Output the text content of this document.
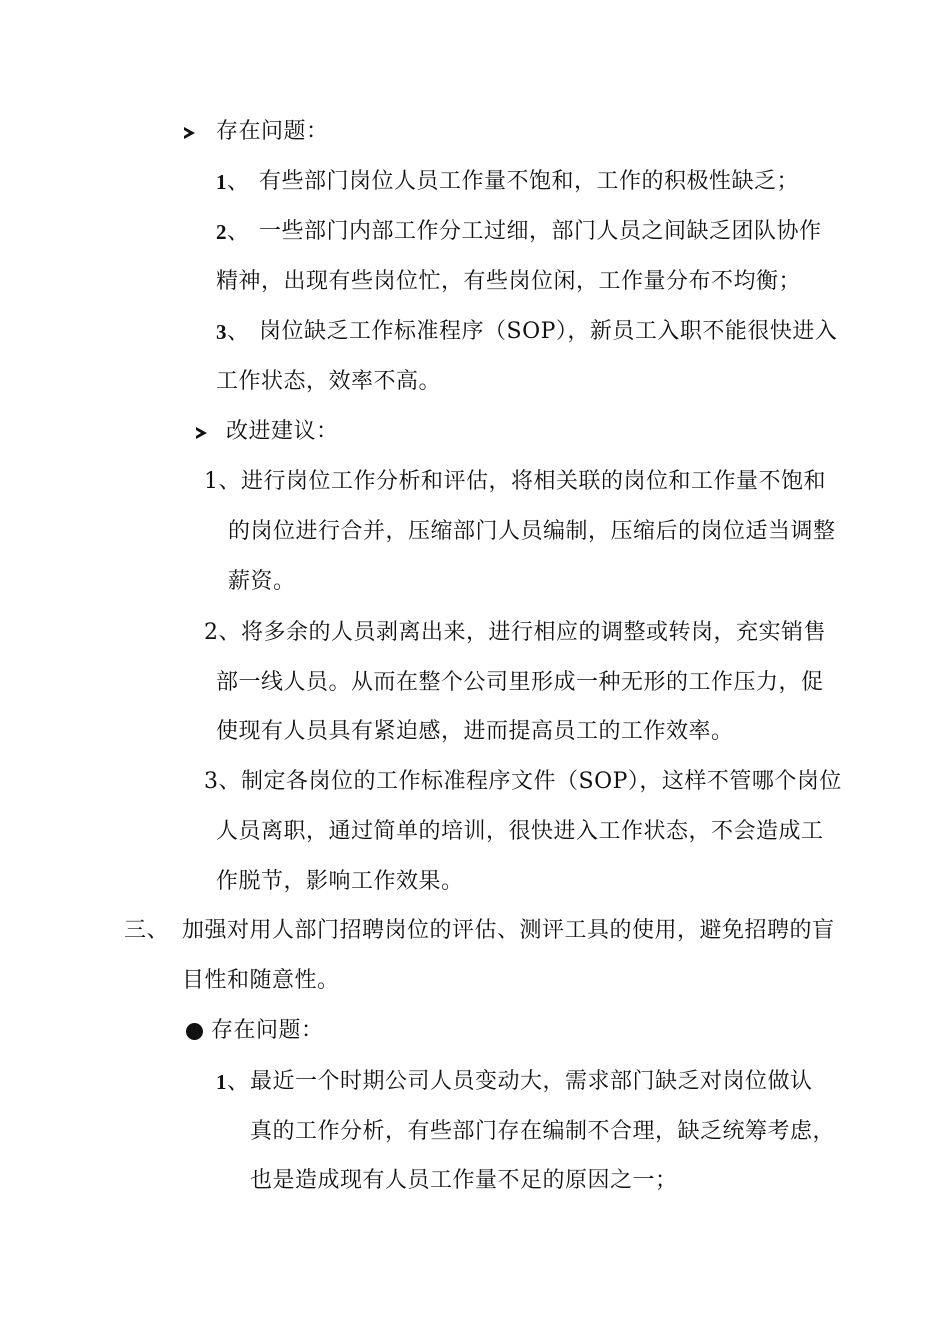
存在问题：
1、 有些部门岗位人员工作量不饱和，工作的积极性缺乏；
2、 一些部门内部工作分工过细，部门人员之间缺乏团队协作
精神，出现有些岗位忙，有些岗位闲，工作量分布不均衡；
3、 岗位缺乏工作标准程序（SOP），新员工入职不能很快进入
工作状态，效率不高。
改进建议：
1、进行岗位工作分析和评估，将相关联的岗位和工作量不饱和
的岗位进行合并，压缩部门人员编制，压缩后的岗位适当调整
薪资。
2、将多余的人员剥离出来，进行相应的调整或转岗，充实销售
部一线人员。从而在整个公司里形成一种无形的工作压力，促
使现有人员具有紧迫感，进而提高员工的工作效率。
3、制定各岗位的工作标准程序文件（SOP），这样不管哪个岗位
人员离职，通过简单的培训，很快进入工作状态，不会造成工
作脱节，影响工作效果。
三、 加强对用人部门招聘岗位的评估、测评工具的使用，避免招聘的盲
目性和随意性。
存在问题：
1、 最近一个时期公司人员变动大，需求部门缺乏对岗位做认
真的工作分析，有些部门存在编制不合理，缺乏统筹考虑，
也是造成现有人员工作量不足的原因之一；
